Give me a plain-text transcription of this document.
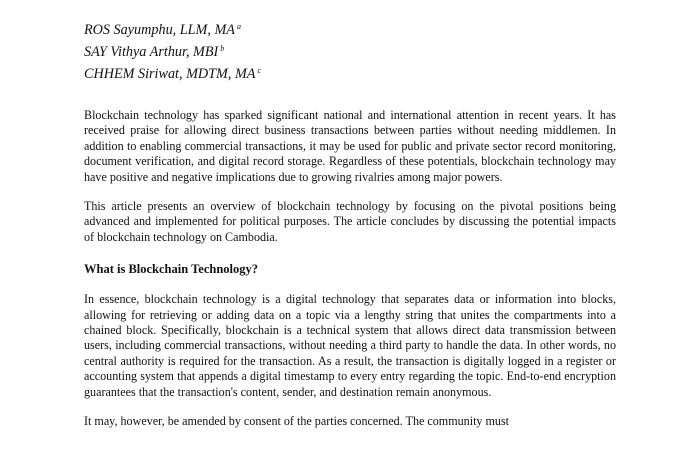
ROS Sayumphu, LLM, MA $^a$
SAY Vithya Arthur, MBI $^b$
CHHEM Siriwat, MDTM, MA $^c$

Blockchain technology has sparked significant national and international attention in recent years. It has received praise for allowing direct business transactions between parties without needing middlemen. In addition to enabling commercial transactions, it may be used for public and private sector record monitoring, document verification, and digital record storage. Regardless of these potentials, blockchain technology may have positive and negative implications due to growing rivalries among major powers.

This article presents an overview of blockchain technology by focusing on the pivotal positions being advanced and implemented for political purposes. The article concludes by discussing the potential impacts of blockchain technology on Cambodia.

What is Blockchain Technology?

In essence, blockchain technology is a digital technology that separates data or information into blocks, allowing for retrieving or adding data on a topic via a lengthy string that unites the compartments into a chained block. Specifically, blockchain is a technical system that allows direct data transmission between users, including commercial transactions, without needing a third party to handle the data. In other words, no central authority is required for the transaction. As a result, the transaction is digitally logged in a register or accounting system that appends a digital timestamp to every entry regarding the topic. End-to-end encryption guarantees that the transaction's content, sender, and destination remain anonymous.

It may, however, be amended by consent of the parties concerned. The community must
